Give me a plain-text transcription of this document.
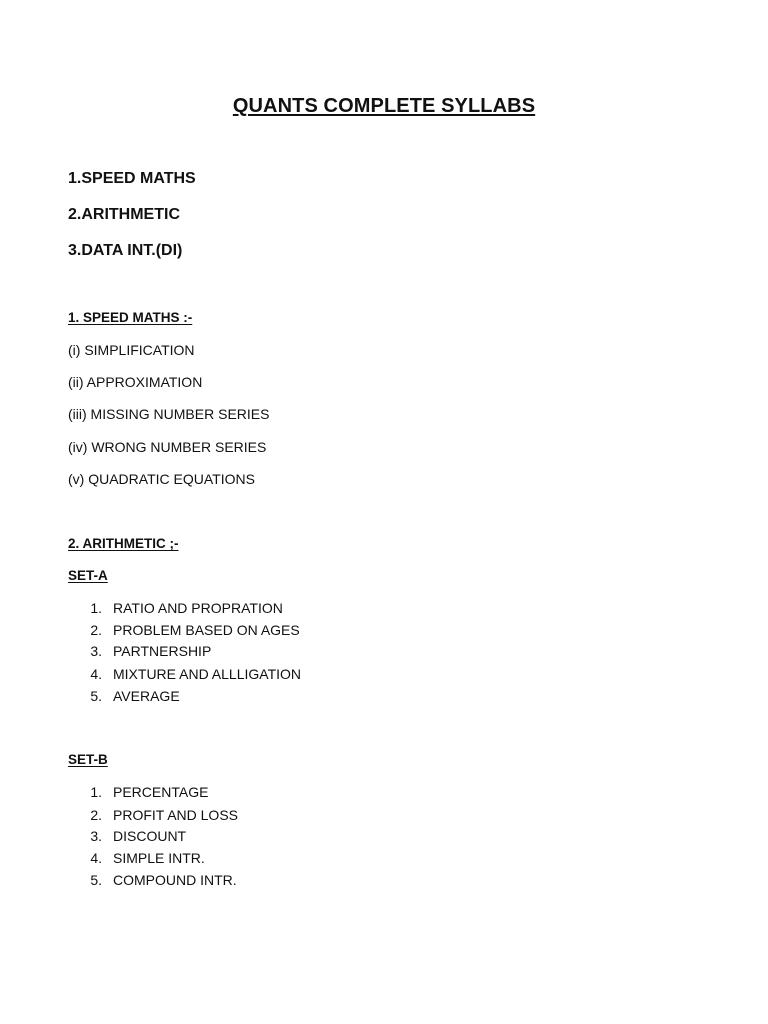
QUANTS COMPLETE SYLLABS
1.SPEED MATHS
2.ARITHMETIC
3.DATA INT.(DI)
1. SPEED MATHS :-
(i) SIMPLIFICATION
(ii) APPROXIMATION
(iii) MISSING NUMBER SERIES
(iv) WRONG NUMBER SERIES
(v) QUADRATIC EQUATIONS
2. ARITHMETIC ;-
SET-A
1. RATIO AND PROPRATION
2. PROBLEM BASED ON AGES
3. PARTNERSHIP
4. MIXTURE AND ALLLIGATION
5. AVERAGE
SET-B
1. PERCENTAGE
2. PROFIT AND LOSS
3. DISCOUNT
4. SIMPLE INTR.
5. COMPOUND INTR.
